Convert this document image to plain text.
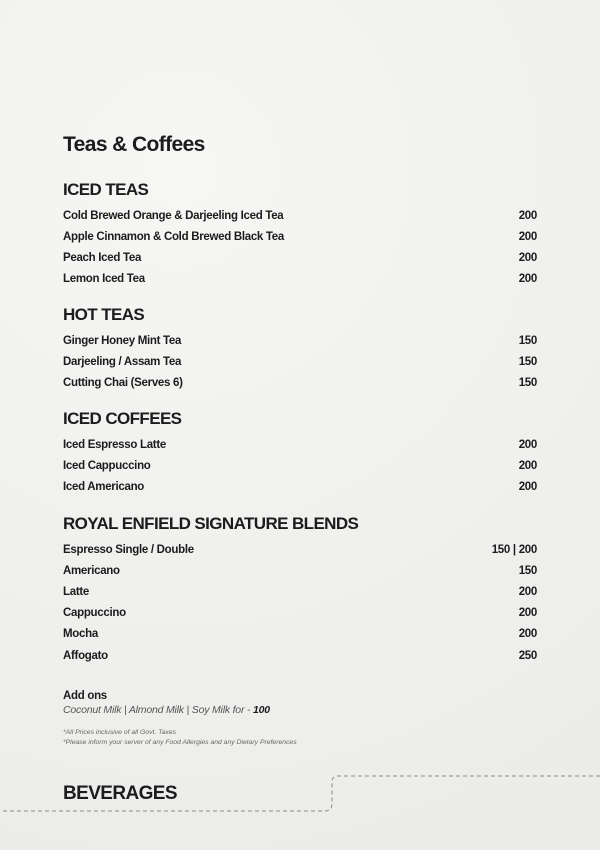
Teas & Coffees
ICED TEAS
Cold Brewed Orange & Darjeeling Iced Tea	200
Apple Cinnamon & Cold Brewed Black Tea	200
Peach Iced Tea	200
Lemon Iced Tea	200
HOT TEAS
Ginger Honey Mint Tea	150
Darjeeling / Assam Tea	150
Cutting Chai (Serves 6)	150
ICED COFFEES
Iced Espresso Latte	200
Iced Cappuccino	200
Iced Americano	200
ROYAL ENFIELD SIGNATURE BLENDS
Espresso Single / Double	150 | 200
Americano	150
Latte	200
Cappuccino	200
Mocha	200
Affogato	250
Add ons
Coconut Milk | Almond Milk | Soy Milk for - 100
*All Prices inclusive of all Govt. Taxes
*Please inform your server of any Food Allergies and any Dietary Preferences
BEVERAGES
